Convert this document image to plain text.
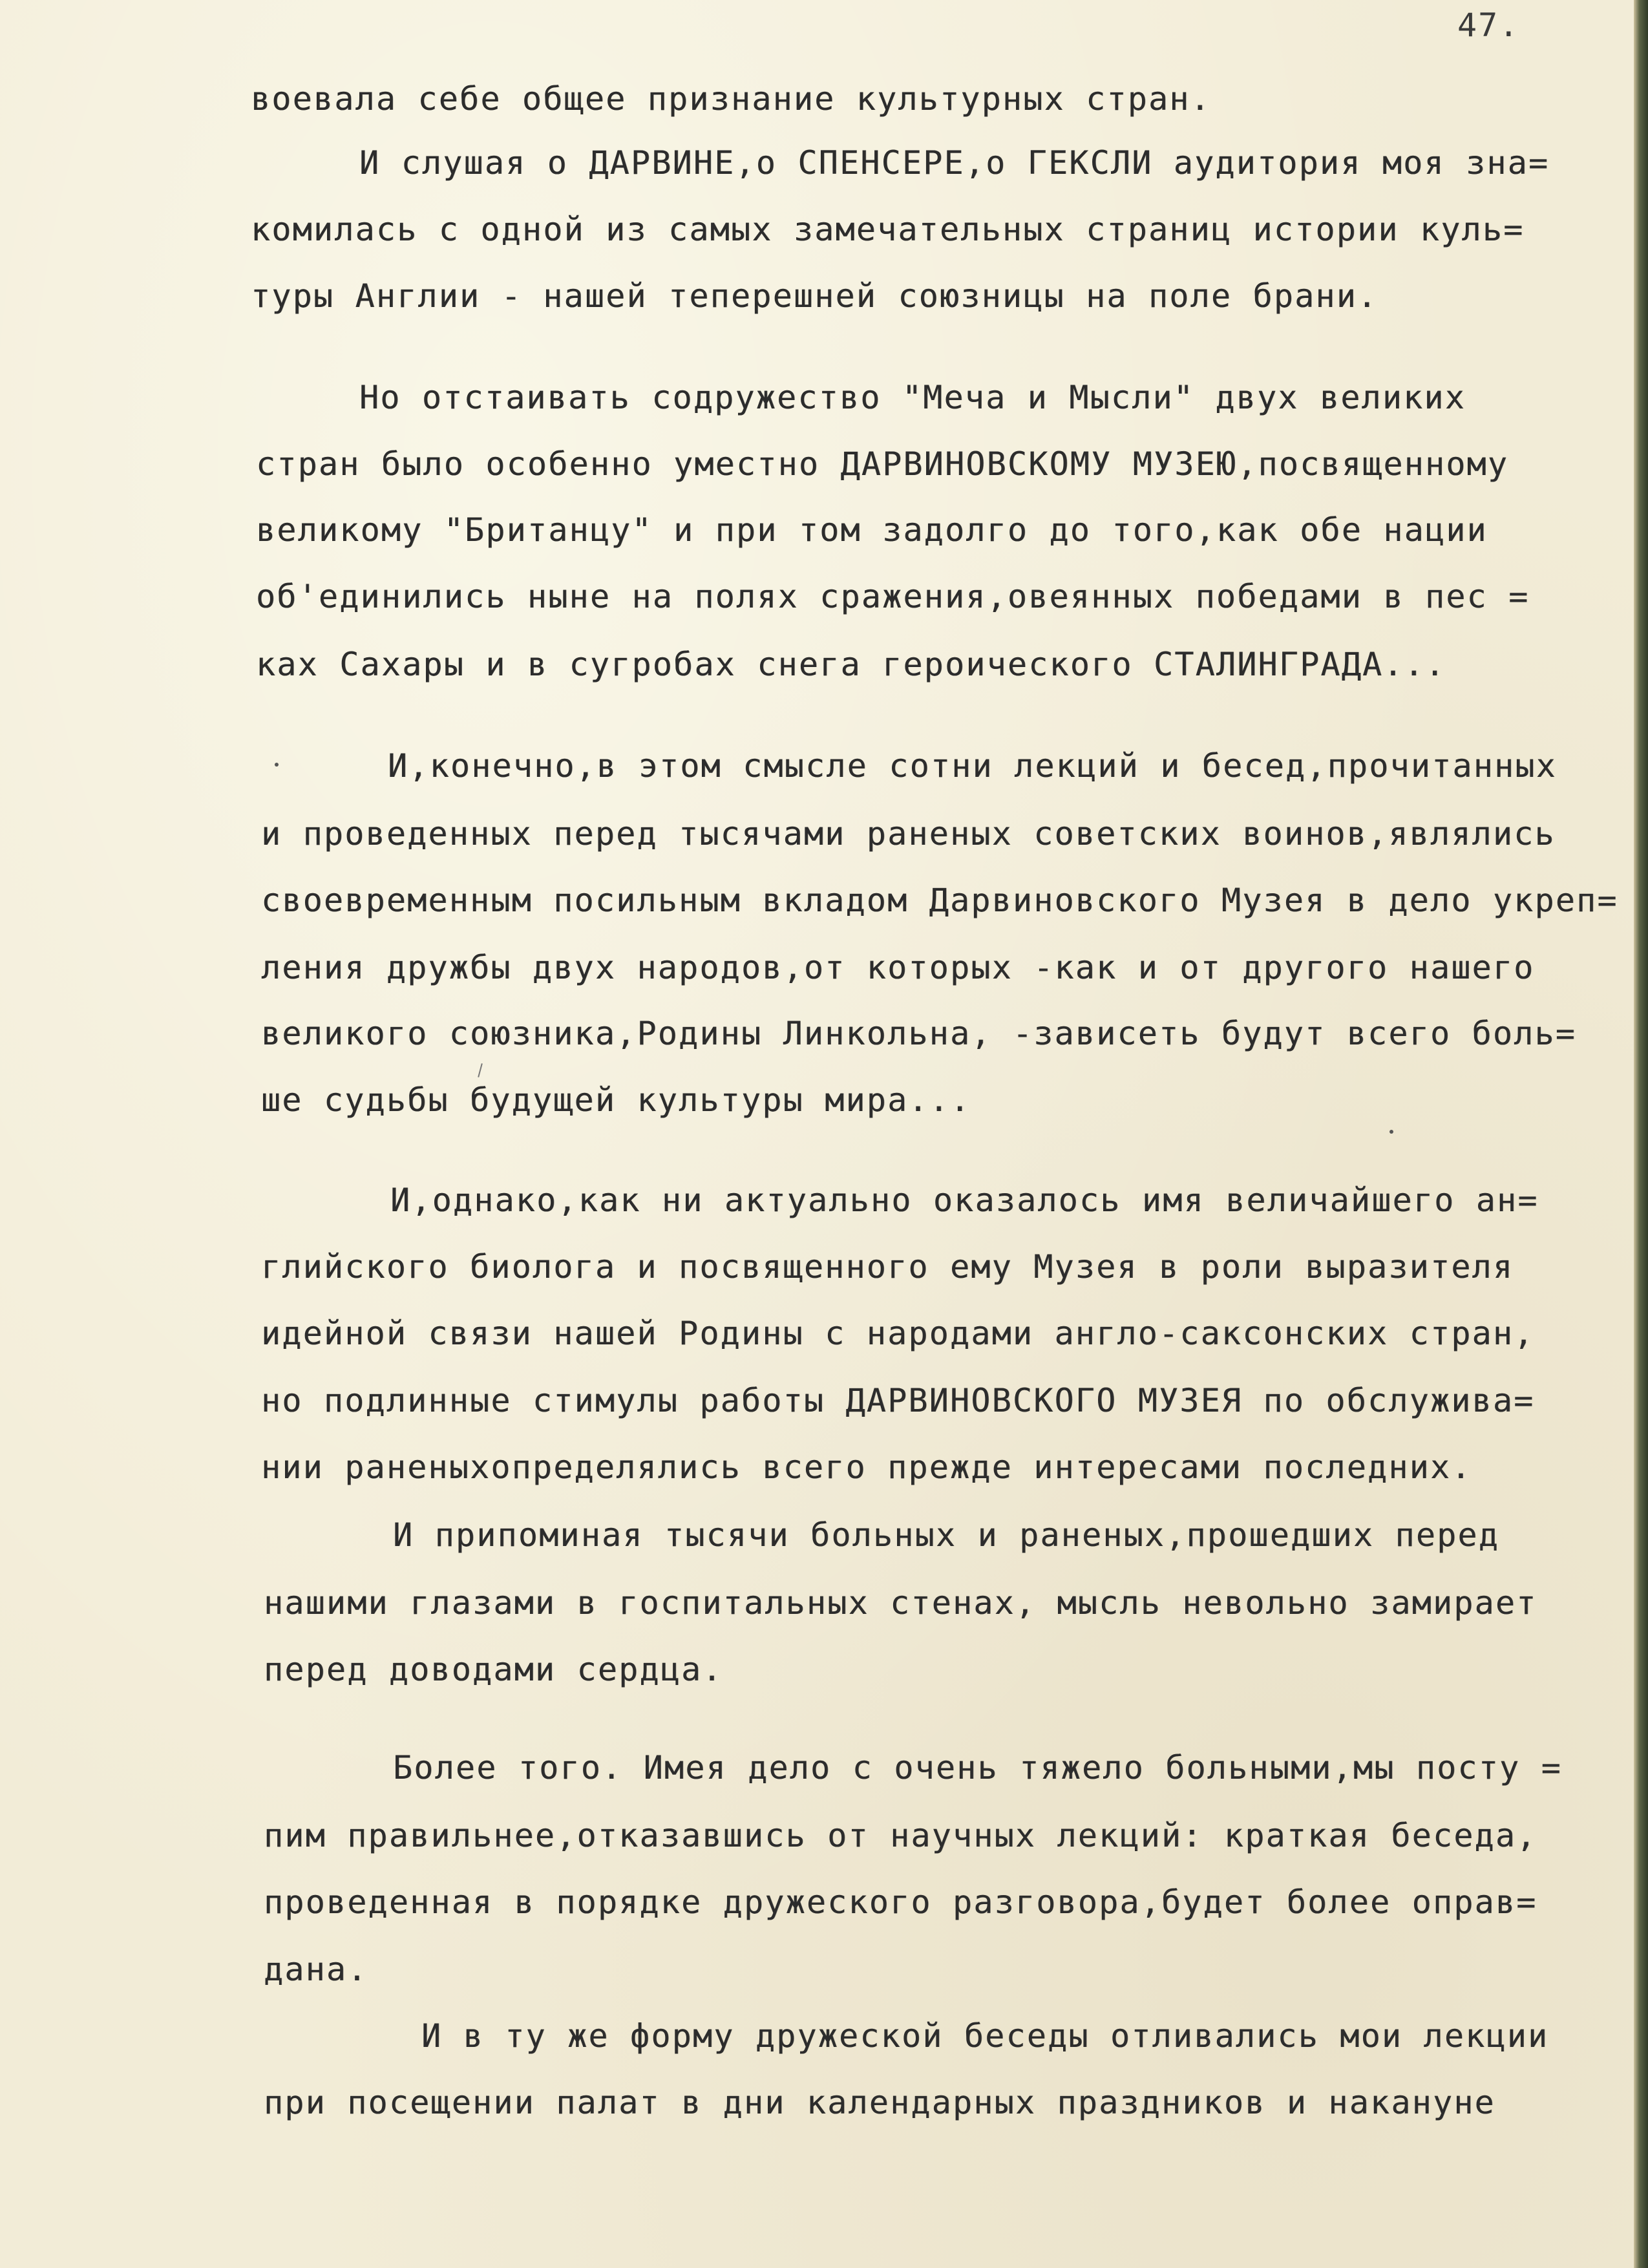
47.
воевала себе общее признание культурных стран.
И слушая о ДАРВИНЕ,о СПЕНСЕРЕ,о ГЕКСЛИ аудитория моя зна=
комилась с одной из самых замечательных страниц истории куль=
туры Англии - нашей теперешней союзницы на поле брани.
Но отстаивать содружество "Меча и Мысли" двух великих
стран было особенно уместно ДАРВИНОВСКОМУ МУЗЕЮ,посвященному
великому "Британцу" и при том задолго до того,как обе нации
об'единились ныне на полях сражения,овеянных победами в пес =
ках Сахары и в сугробах снега героического СТАЛИНГРАДА...
И,конечно,в этом смысле сотни лекций и бесед,прочитанных
и проведенных перед тысячами раненых советских воинов,являлись
своевременным посильным вкладом Дарвиновского Музея в дело укреп=
ления дружбы двух народов,от которых -как и от другого нашего
великого союзника,Родины Линкольна, -зависеть будут всего боль=
ше судьбы будущей культуры мира...
И,однако,как ни актуально оказалось имя величайшего ан=
глийского биолога и посвященного ему Музея в роли выразителя
идейной связи нашей Родины с народами англо-саксонских стран,
но подлинные стимулы работы ДАРВИНОВСКОГО МУЗЕЯ по обслужива=
нии раненыхопределялись всего прежде интересами последних.
И припоминая тысячи больных и раненых,прошедших перед
нашими глазами в госпитальных стенах, мысль невольно замирает
перед доводами сердца.
Более того. Имея дело с очень тяжело больными,мы посту =
пим правильнее,отказавшись от научных лекций: краткая беседа,
проведенная в порядке дружеского разговора,будет более оправ=
дана.
И в ту же форму дружеской беседы отливались мои лекции
при посещении палат в дни календарных праздников и накануне
